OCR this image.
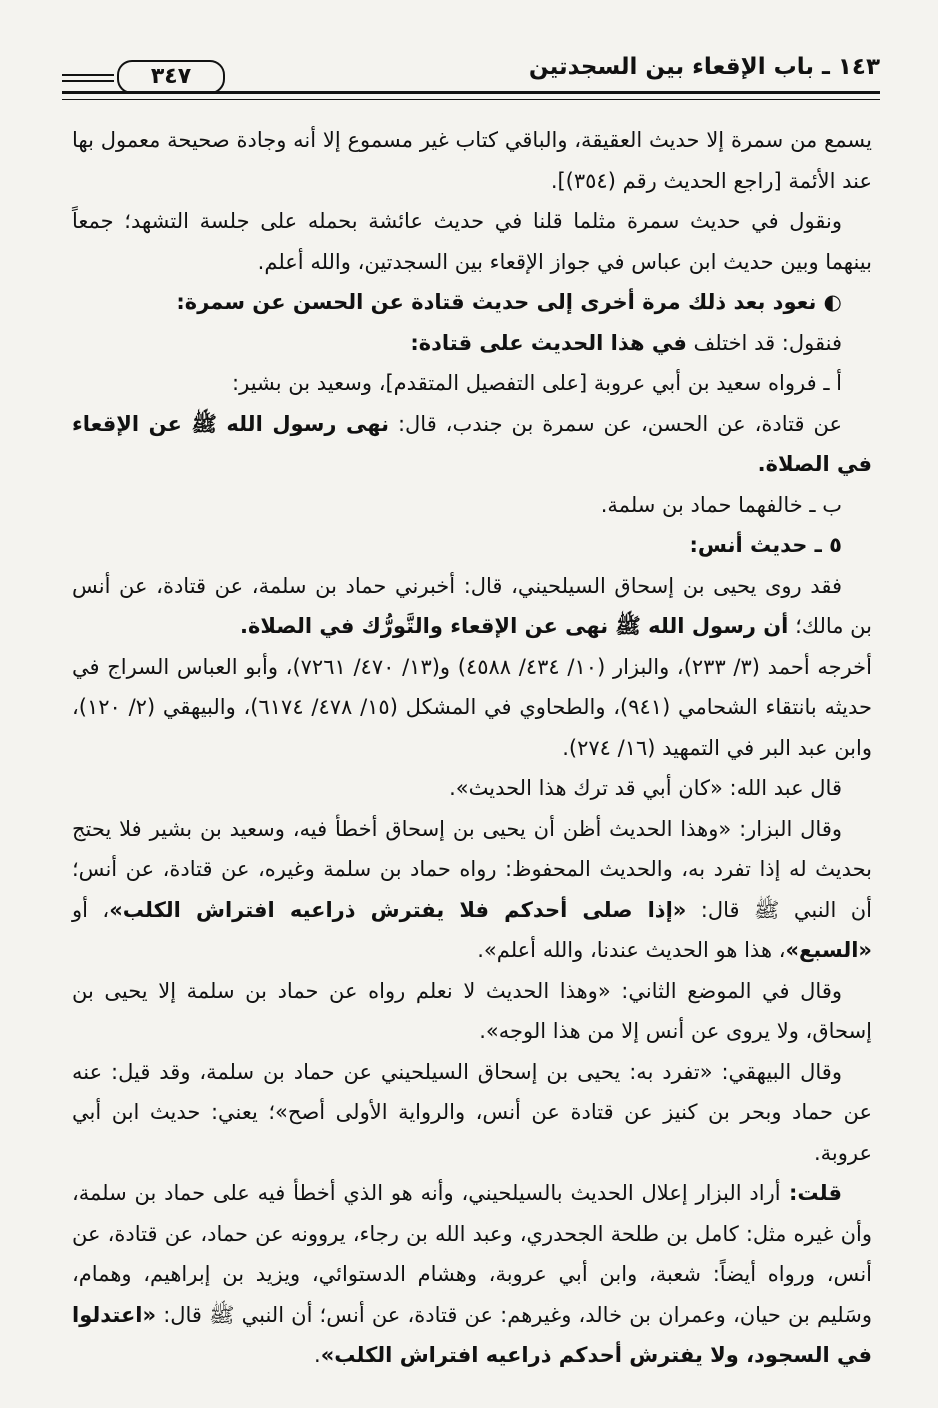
١٤٣ ـ باب الإقعاء بين السجدتين
٣٤٧

يسمع من سمرة إلا حديث العقيقة، والباقي كتاب غير مسموع إلا أنه وجادة صحيحة معمول بها عند الأئمة [راجع الحديث رقم (٣٥٤)].

ونقول في حديث سمرة مثلما قلنا في حديث عائشة بحمله على جلسة التشهد؛ جمعاً بينهما وبين حديث ابن عباس في جواز الإقعاء بين السجدتين، والله أعلم.

◐ نعود بعد ذلك مرة أخرى إلى حديث قتادة عن الحسن عن سمرة:

فنقول: قد اختلف في هذا الحديث على قتادة:

أ ـ فرواه سعيد بن أبي عروبة [على التفصيل المتقدم]، وسعيد بن بشير:

عن قتادة، عن الحسن، عن سمرة بن جندب، قال: نهى رسول الله ﷺ عن الإقعاء في الصلاة.

ب ـ خالفهما حماد بن سلمة.

٥ ـ حديث أنس:

فقد روى يحيى بن إسحاق السيلحيني، قال: أخبرني حماد بن سلمة، عن قتادة، عن أنس بن مالك؛ أن رسول الله ﷺ نهى عن الإقعاء والتَّورُّك في الصلاة.

أخرجه أحمد (٣/ ٢٣٣)، والبزار (١٠/ ٤٣٤/ ٤٥٨٨) و(١٣/ ٤٧٠/ ٧٢٦١)، وأبو العباس السراج في حديثه بانتقاء الشحامي (٩٤١)، والطحاوي في المشكل (١٥/ ٤٧٨/ ٦١٧٤)، والبيهقي (٢/ ١٢٠)، وابن عبد البر في التمهيد (١٦/ ٢٧٤).

قال عبد الله: «كان أبي قد ترك هذا الحديث».

وقال البزار: «وهذا الحديث أظن أن يحيى بن إسحاق أخطأ فيه، وسعيد بن بشير فلا يحتج بحديث له إذا تفرد به، والحديث المحفوظ: رواه حماد بن سلمة وغيره، عن قتادة، عن أنس؛ أن النبي ﷺ قال: «إذا صلى أحدكم فلا يفترش ذراعيه افتراش الكلب»، أو «السبع»، هذا هو الحديث عندنا، والله أعلم».

وقال في الموضع الثاني: «وهذا الحديث لا نعلم رواه عن حماد بن سلمة إلا يحيى بن إسحاق، ولا يروى عن أنس إلا من هذا الوجه».

وقال البيهقي: «تفرد به: يحيى بن إسحاق السيلحيني عن حماد بن سلمة، وقد قيل: عنه عن حماد وبحر بن كنيز عن قتادة عن أنس، والرواية الأولى أصح»؛ يعني: حديث ابن أبي عروبة.

قلت: أراد البزار إعلال الحديث بالسيلحيني، وأنه هو الذي أخطأ فيه على حماد بن سلمة، وأن غيره مثل: كامل بن طلحة الجحدري، وعبد الله بن رجاء، يروونه عن حماد، عن قتادة، عن أنس، ورواه أيضاً: شعبة، وابن أبي عروبة، وهشام الدستوائي، ويزيد بن إبراهيم، وهمام، وسَليم بن حيان، وعمران بن خالد، وغيرهم: عن قتادة، عن أنس؛ أن النبي ﷺ قال: «اعتدلوا في السجود، ولا يفترش أحدكم ذراعيه افتراش الكلب».
